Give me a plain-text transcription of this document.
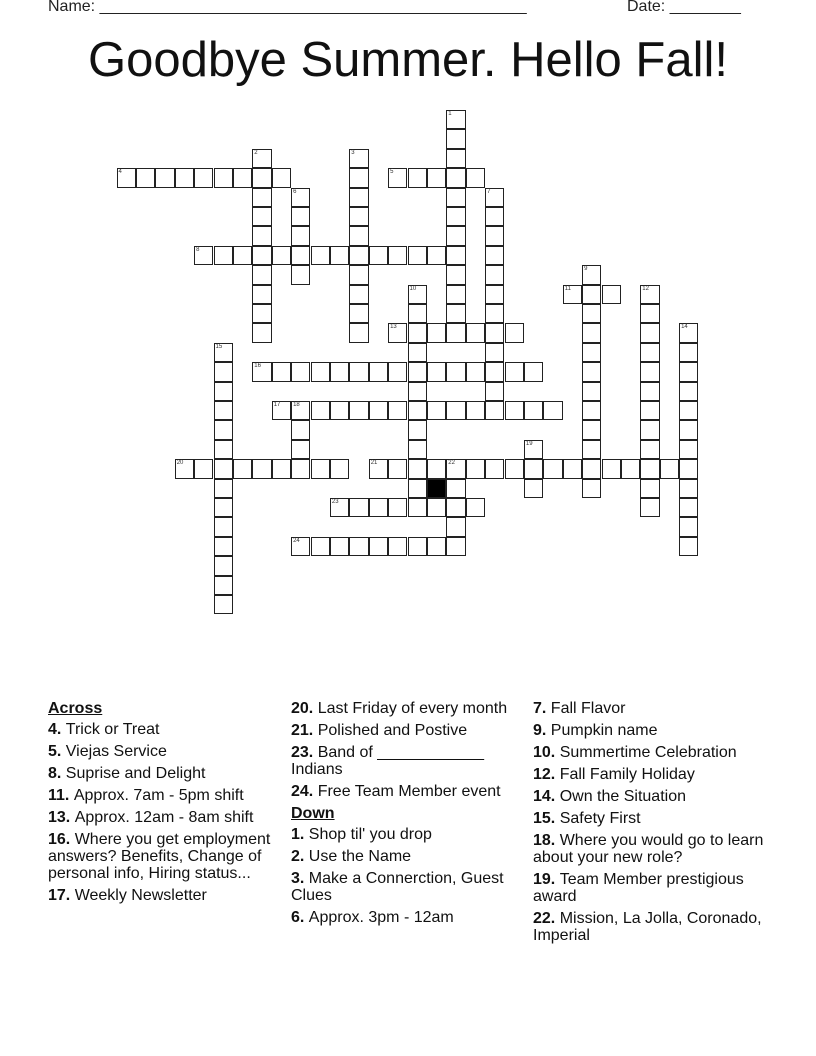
Name: ________________________________________________	Date: ________
Goodbye Summer. Hello Fall!
4	5
8
11
13
16
17 18
20	21	22
23
24
1
2	3
6	7
9
10	12
14
15
19
Across
4. Trick or Treat
5. Viejas Service
8. Suprise and Delight
11. Approx. 7am - 5pm shift
13. Approx. 12am - 8am shift
16. Where you get employment answers? Benefits, Change of personal info, Hiring status...
17. Weekly Newsletter
20. Last Friday of every month
21. Polished and Postive
23. Band of ____________ Indians
24. Free Team Member event
Down
1. Shop til' you drop
2. Use the Name
3. Make a Connerction, Guest Clues
6. Approx. 3pm - 12am
7. Fall Flavor
9. Pumpkin name
10. Summertime Celebration
12. Fall Family Holiday
14. Own the Situation
15. Safety First
18. Where you would go to learn about your new role?
19. Team Member prestigious award
22. Mission, La Jolla, Coronado, Imperial
